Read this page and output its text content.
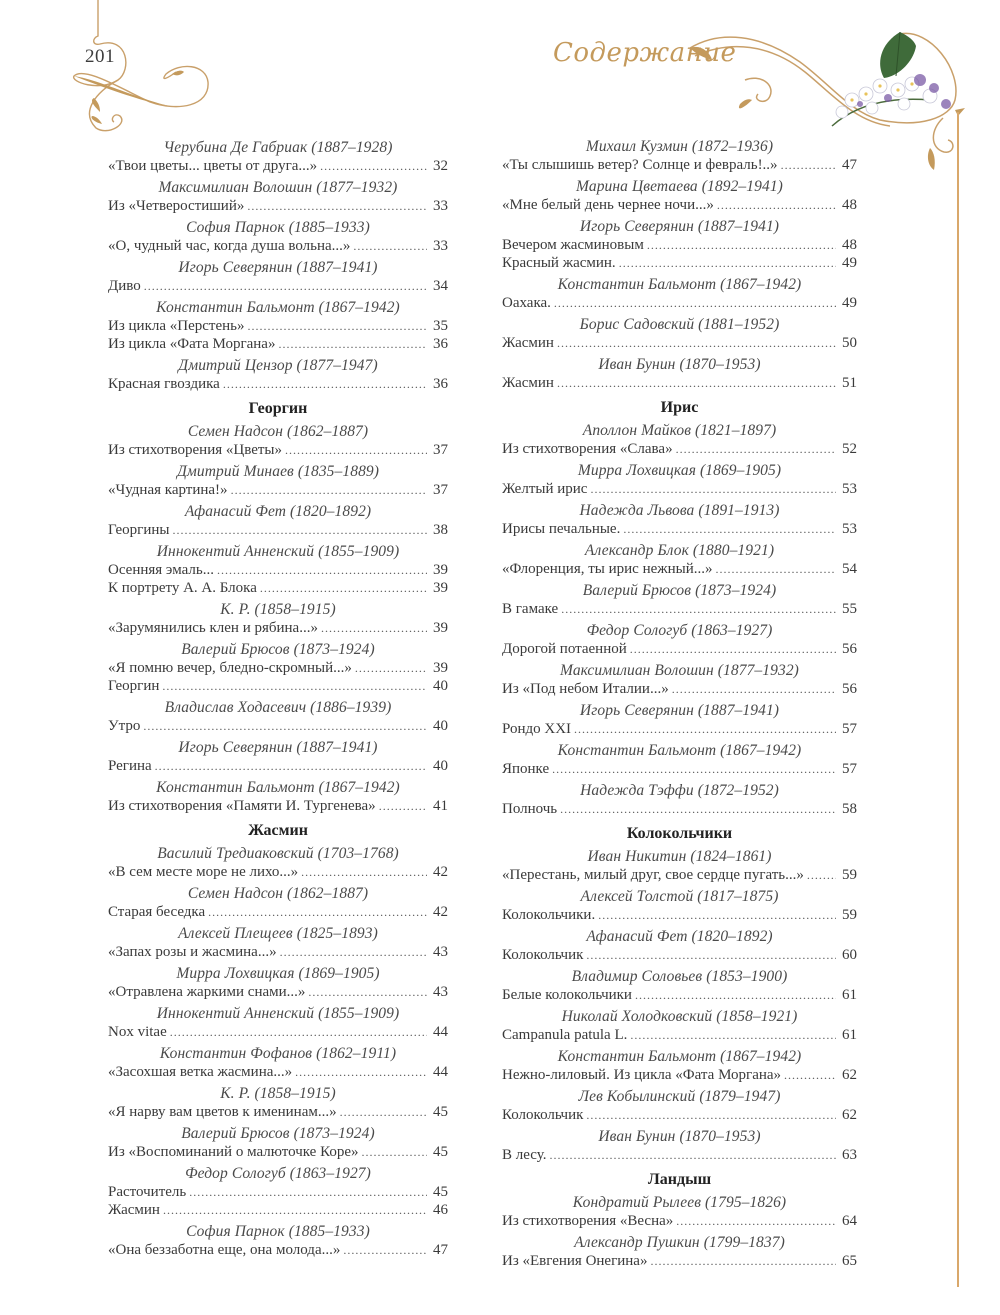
201	Содержание
Черубина Де Габриак (1887–1928)
«Твои цветы... цветы от друга...» . . .	32
Максимилиан Волошин (1877–1932)
Из «Четверостиший» . . .	33
София Парнок (1885–1933)
«О, чудный час, когда душа вольна...» . . .	33
Игорь Северянин (1887–1941)
Диво . . .	34
Константин Бальмонт (1867–1942)
Из цикла «Перстень» . . .	35
Из цикла «Фата Моргана» . . .	36
Дмитрий Цензор (1877–1947)
Красная гвоздика . . .	36
Георгин
Семен Надсон (1862–1887)
Из стихотворения «Цветы» . . .	37
Дмитрий Минаев (1835–1889)
«Чудная картина!» . . .	37
Афанасий Фет (1820–1892)
Георгины . . .	38
Иннокентий Анненский (1855–1909)
Осенняя эмаль... . . .	39
К портрету А. А. Блока . . .	39
К. Р. (1858–1915)
«Зарумянились клен и рябина...» . . .	39
Валерий Брюсов (1873–1924)
«Я помню вечер, бледно-скромный...» . . .	39
Георгин . . .	40
Владислав Ходасевич (1886–1939)
Утро . . .	40
Игорь Северянин (1887–1941)
Регина . . .	40
Константин Бальмонт (1867–1942)
Из стихотворения «Памяти И. Тургенева» . . .	41
Жасмин
Василий Тредиаковский (1703–1768)
«В сем месте море не лихо...» . . .	42
Семен Надсон (1862–1887)
Старая беседка . . .	42
Алексей Плещеев (1825–1893)
«Запах розы и жасмина...» . . .	43
Мирра Лохвицкая (1869–1905)
«Отравлена жаркими снами...» . . .	43
Иннокентий Анненский (1855–1909)
Nox vitae . . .	44
Константин Фофанов (1862–1911)
«Засохшая ветка жасмина...» . . .	44
К. Р. (1858–1915)
«Я нарву вам цветов к именинам...» . . .	45
Валерий Брюсов (1873–1924)
Из «Воспоминаний о малюточке Коре» . . .	45
Федор Сологуб (1863–1927)
Расточитель . . .	45
Жасмин . . .	46
София Парнок (1885–1933)
«Она беззаботна еще, она молода...» . . .	47
Михаил Кузмин (1872–1936)
«Ты слышишь ветер? Солнце и февраль!..» . . .	47
Марина Цветаева (1892–1941)
«Мне белый день чернее ночи...» . . .	48
Игорь Северянин (1887–1941)
Вечером жасминовым . . .	48
Красный жасмин. . . .	49
Константин Бальмонт (1867–1942)
Оахака. . . .	49
Борис Садовский (1881–1952)
Жасмин . . .	50
Иван Бунин (1870–1953)
Жасмин . . .	51
Ирис
Аполлон Майков (1821–1897)
Из стихотворения «Слава» . . .	52
Мирра Лохвицкая (1869–1905)
Желтый ирис . . .	53
Надежда Львова (1891–1913)
Ирисы печальные. . . .	53
Александр Блок (1880–1921)
«Флоренция, ты ирис нежный...» . . .	54
Валерий Брюсов (1873–1924)
В гамаке . . .	55
Федор Сологуб (1863–1927)
Дорогой потаенной . . .	56
Максимилиан Волошин (1877–1932)
Из «Под небом Италии...» . . .	56
Игорь Северянин (1887–1941)
Рондо XXI . . .	57
Константин Бальмонт (1867–1942)
Японке . . .	57
Надежда Тэффи (1872–1952)
Полночь . . .	58
Колокольчики
Иван Никитин (1824–1861)
«Перестань, милый друг, свое сердце пугать...» . . .	59
Алексей Толстой (1817–1875)
Колокольчики. . . .	59
Афанасий Фет (1820–1892)
Колокольчик . . .	60
Владимир Соловьев (1853–1900)
Белые колокольчики . . .	61
Николай Холодковский (1858–1921)
Campanula patula L. . . .	61
Константин Бальмонт (1867–1942)
Нежно-лиловый. Из цикла «Фата Моргана» . . .	62
Лев Кобылинский (1879–1947)
Колокольчик . . .	62
Иван Бунин (1870–1953)
В лесу. . . .	63
Ландыш
Кондратий Рылеев (1795–1826)
Из стихотворения «Весна» . . .	64
Александр Пушкин (1799–1837)
Из «Евгения Онегина» . . .	65
